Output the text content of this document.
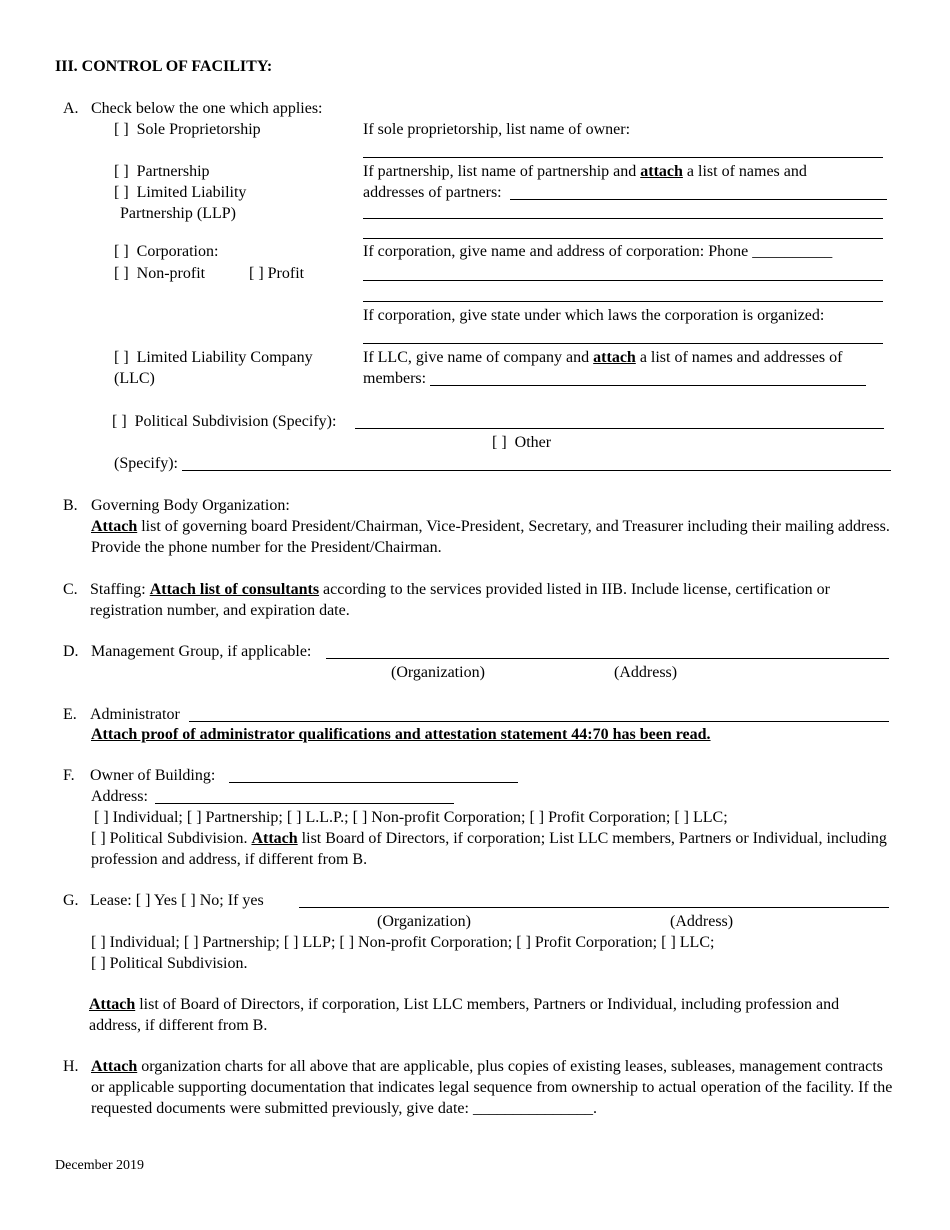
III. CONTROL OF FACILITY:
A. Check below the one which applies:
[ ] Sole Proprietorship	If sole proprietorship, list name of owner:
[ ] Partnership	If partnership, list name of partnership and attach a list of names and
[ ] Limited Liability	addresses of partners:
Partnership (LLP)
[ ] Corporation:	If corporation, give name and address of corporation: Phone __________
[ ] Non-profit	[ ] Profit
If corporation, give state under which laws the corporation is organized:
[ ] Limited Liability Company	If LLC, give name of company and attach a list of names and addresses of
(LLC)	members:
[ ] Political Subdivision (Specify):
[ ] Other
(Specify):
B. Governing Body Organization:
Attach list of governing board President/Chairman, Vice-President, Secretary, and Treasurer including their mailing address. Provide the phone number for the President/Chairman.
C. Staffing: Attach list of consultants according to the services provided listed in IIB. Include license, certification or registration number, and expiration date.
D. Management Group, if applicable:
(Organization)	(Address)
E. Administrator
Attach proof of administrator qualifications and attestation statement 44:70 has been read.
F. Owner of Building:
Address:
[ ] Individual; [ ] Partnership; [ ] L.L.P.; [ ] Non-profit Corporation; [ ] Profit Corporation; [ ] LLC;
[ ] Political Subdivision. Attach list Board of Directors, if corporation; List LLC members, Partners or Individual, including profession and address, if different from B.
G. Lease: [ ] Yes [ ] No; If yes
(Organization)	(Address)
[ ] Individual; [ ] Partnership; [ ] LLP; [ ] Non-profit Corporation; [ ] Profit Corporation; [ ] LLC;
[ ] Political Subdivision.
Attach list of Board of Directors, if corporation, List LLC members, Partners or Individual, including profession and address, if different from B.
H. Attach organization charts for all above that are applicable, plus copies of existing leases, subleases, management contracts or applicable supporting documentation that indicates legal sequence from ownership to actual operation of the facility. If the requested documents were submitted previously, give date: _______________.
December 2019
